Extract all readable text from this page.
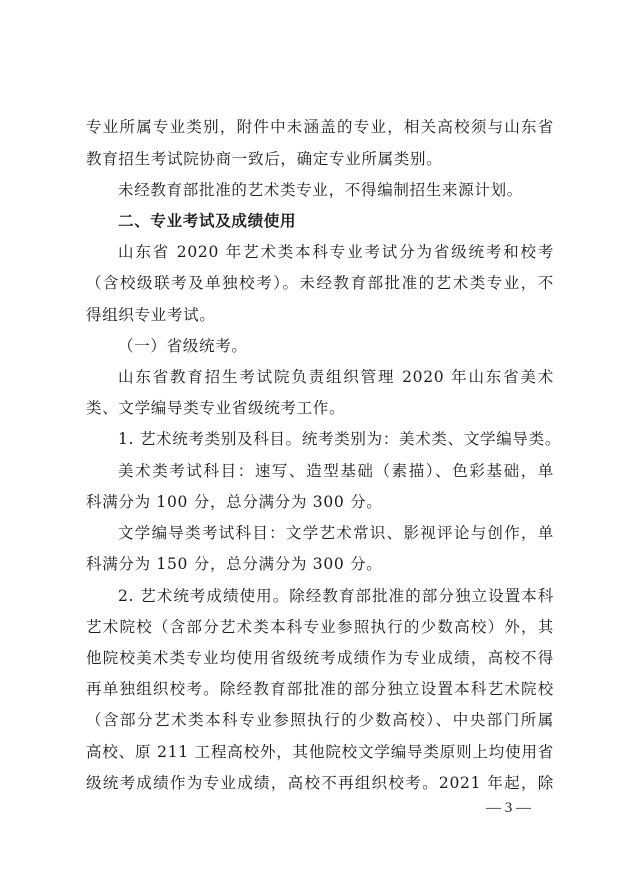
专业所属专业类别，附件中未涵盖的专业，相关高校须与山东省
教育招生考试院协商一致后，确定专业所属类别。
未经教育部批准的艺术类专业，不得编制招生来源计划。
二、专业考试及成绩使用
山东省 2020 年艺术类本科专业考试分为省级统考和校考
（含校级联考及单独校考）。未经教育部批准的艺术类专业，不
得组织专业考试。
（一）省级统考。
山东省教育招生考试院负责组织管理 2020 年山东省美术
类、文学编导类专业省级统考工作。
1. 艺术统考类别及科目。统考类别为：美术类、文学编导类。
美术类考试科目：速写、造型基础（素描）、色彩基础，单
科满分为 100 分，总分满分为 300 分。
文学编导类考试科目：文学艺术常识、影视评论与创作，单
科满分为 150 分，总分满分为 300 分。
2. 艺术统考成绩使用。除经教育部批准的部分独立设置本科
艺术院校（含部分艺术类本科专业参照执行的少数高校）外，其
他院校美术类专业均使用省级统考成绩作为专业成绩，高校不得
再单独组织校考。除经教育部批准的部分独立设置本科艺术院校
（含部分艺术类本科专业参照执行的少数高校）、中央部门所属
高校、原 211 工程高校外，其他院校文学编导类原则上均使用省
级统考成绩作为专业成绩，高校不再组织校考。2021 年起，除
— 3 —
